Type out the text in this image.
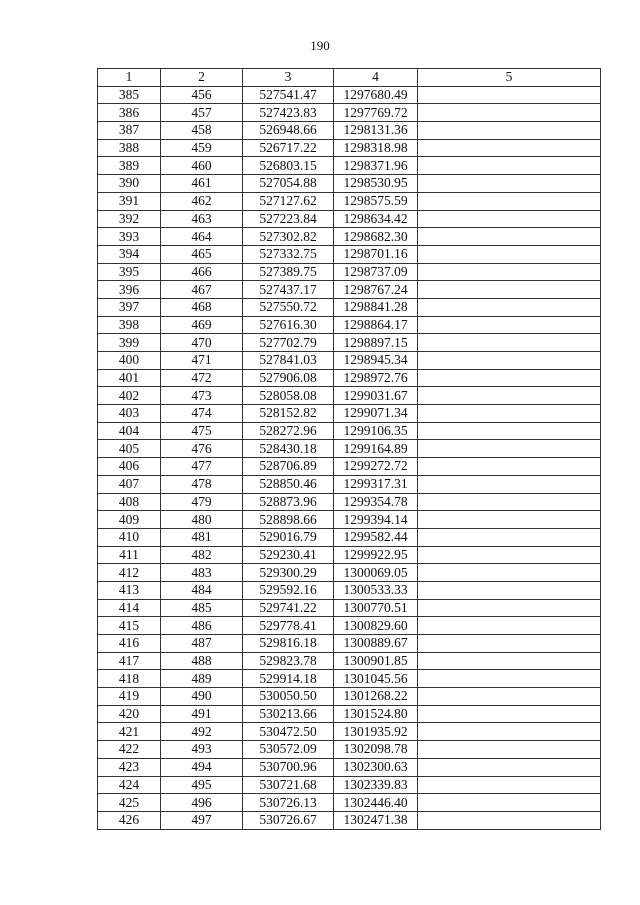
190
1	2	3	4	5
385	456	527541.47	1297680.49	
386	457	527423.83	1297769.72	
387	458	526948.66	1298131.36	
388	459	526717.22	1298318.98	
389	460	526803.15	1298371.96	
390	461	527054.88	1298530.95	
391	462	527127.62	1298575.59	
392	463	527223.84	1298634.42	
393	464	527302.82	1298682.30	
394	465	527332.75	1298701.16	
395	466	527389.75	1298737.09	
396	467	527437.17	1298767.24	
397	468	527550.72	1298841.28	
398	469	527616.30	1298864.17	
399	470	527702.79	1298897.15	
400	471	527841.03	1298945.34	
401	472	527906.08	1298972.76	
402	473	528058.08	1299031.67	
403	474	528152.82	1299071.34	
404	475	528272.96	1299106.35	
405	476	528430.18	1299164.89	
406	477	528706.89	1299272.72	
407	478	528850.46	1299317.31	
408	479	528873.96	1299354.78	
409	480	528898.66	1299394.14	
410	481	529016.79	1299582.44	
411	482	529230.41	1299922.95	
412	483	529300.29	1300069.05	
413	484	529592.16	1300533.33	
414	485	529741.22	1300770.51	
415	486	529778.41	1300829.60	
416	487	529816.18	1300889.67	
417	488	529823.78	1300901.85	
418	489	529914.18	1301045.56	
419	490	530050.50	1301268.22	
420	491	530213.66	1301524.80	
421	492	530472.50	1301935.92	
422	493	530572.09	1302098.78	
423	494	530700.96	1302300.63	
424	495	530721.68	1302339.83	
425	496	530726.13	1302446.40	
426	497	530726.67	1302471.38	
